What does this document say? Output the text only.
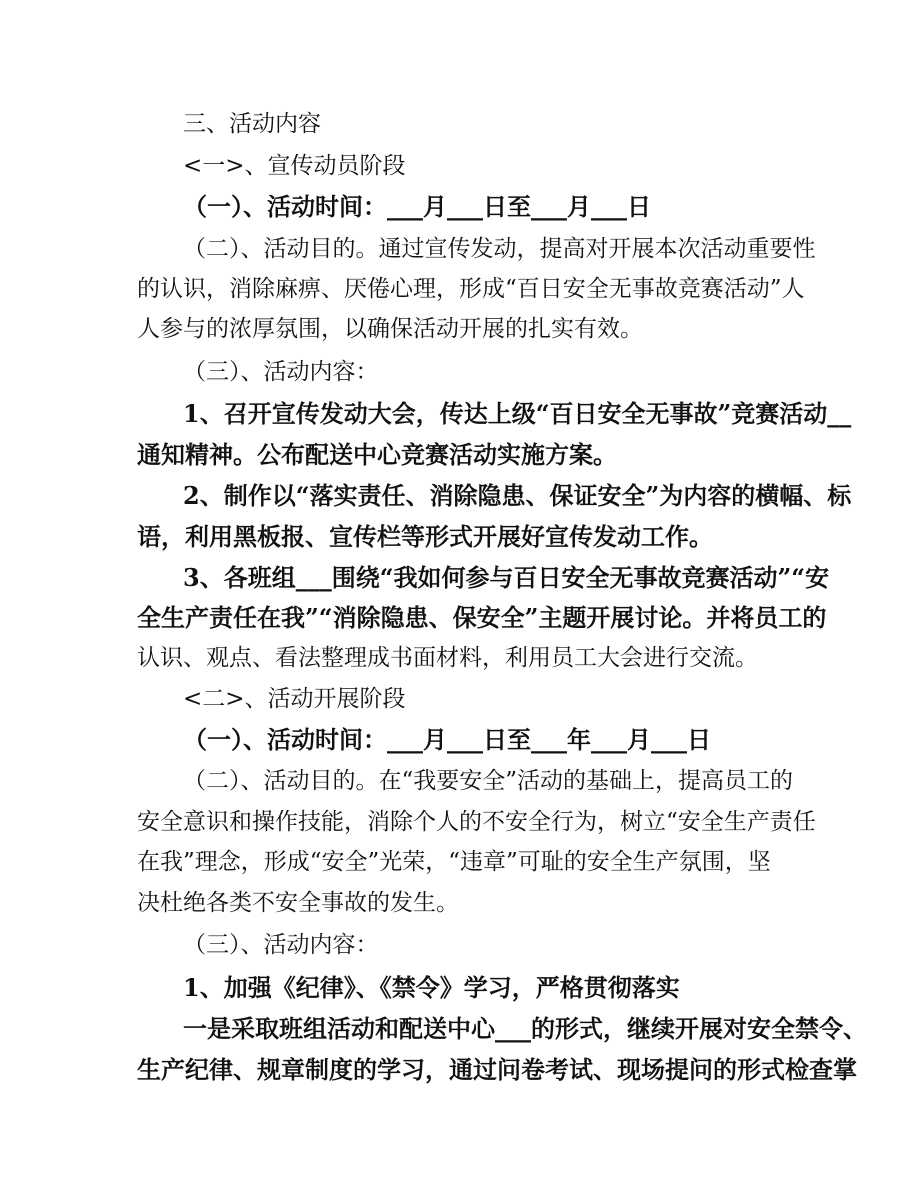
三、活动内容
<一>、宣传动员阶段
（一）、活动时间：___月___日至___月___日
（二）、活动目的。通过宣传发动，提高对开展本次活动重要性
的认识，消除麻痹、厌倦心理，形成“百日安全无事故竞赛活动”人
人参与的浓厚氛围，以确保活动开展的扎实有效。
（三）、活动内容：
1、召开宣传发动大会，传达上级“百日安全无事故”竞赛活动__
通知精神。公布配送中心竞赛活动实施方案。
2、制作以“落实责任、消除隐患、保证安全”为内容的横幅、标
语，利用黑板报、宣传栏等形式开展好宣传发动工作。
3、各班组___围绕“我如何参与百日安全无事故竞赛活动”“安
全生产责任在我”“消除隐患、保安全”主题开展讨论。并将员工的
认识、观点、看法整理成书面材料，利用员工大会进行交流。
<二>、活动开展阶段
（一）、活动时间：___月___日至___年___月___日
（二）、活动目的。在“我要安全”活动的基础上，提高员工的
安全意识和操作技能，消除个人的不安全行为，树立“安全生产责任
在我”理念，形成“安全”光荣，“违章”可耻的安全生产氛围，坚
决杜绝各类不安全事故的发生。
（三）、活动内容：
1、加强《纪律》、《禁令》学习，严格贯彻落实
一是采取班组活动和配送中心___的形式，继续开展对安全禁令、
生产纪律、规章制度的学习，通过问卷考试、现场提问的形式检查掌
